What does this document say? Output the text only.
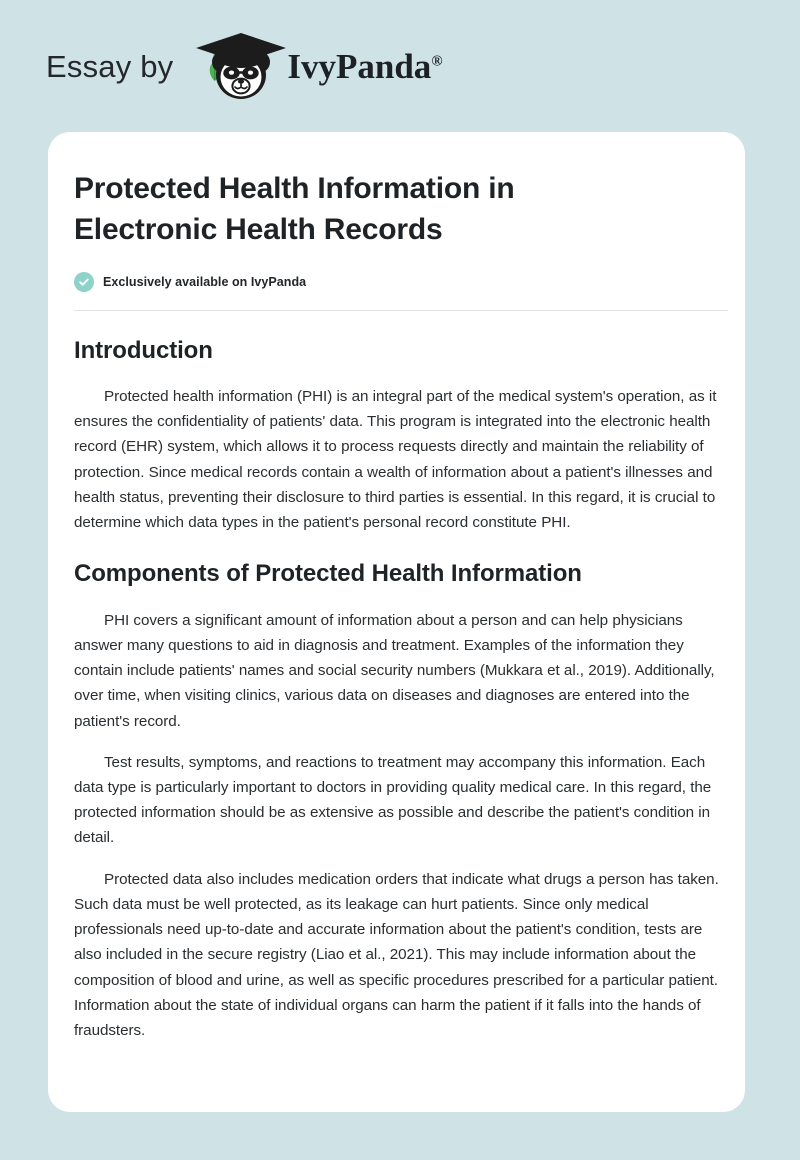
Essay by	IvyPanda®
Protected Health Information in Electronic Health Records
Exclusively available on IvyPanda
Introduction

Protected health information (PHI) is an integral part of the medical system's operation, as it ensures the confidentiality of patients' data. This program is integrated into the electronic health record (EHR) system, which allows it to process requests directly and maintain the reliability of protection. Since medical records contain a wealth of information about a patient's illnesses and health status, preventing their disclosure to third parties is essential. In this regard, it is crucial to determine which data types in the patient's personal record constitute PHI.

Components of Protected Health Information

PHI covers a significant amount of information about a person and can help physicians answer many questions to aid in diagnosis and treatment. Examples of the information they contain include patients' names and social security numbers (Mukkara et al., 2019). Additionally, over time, when visiting clinics, various data on diseases and diagnoses are entered into the patient's record.

Test results, symptoms, and reactions to treatment may accompany this information. Each data type is particularly important to doctors in providing quality medical care. In this regard, the protected information should be as extensive as possible and describe the patient's condition in detail.

Protected data also includes medication orders that indicate what drugs a person has taken. Such data must be well protected, as its leakage can hurt patients. Since only medical professionals need up-to-date and accurate information about the patient's condition, tests are also included in the secure registry (Liao et al., 2021). This may include information about the composition of blood and urine, as well as specific procedures prescribed for a particular patient. Information about the state of individual organs can harm the patient if it falls into the hands of fraudsters.
